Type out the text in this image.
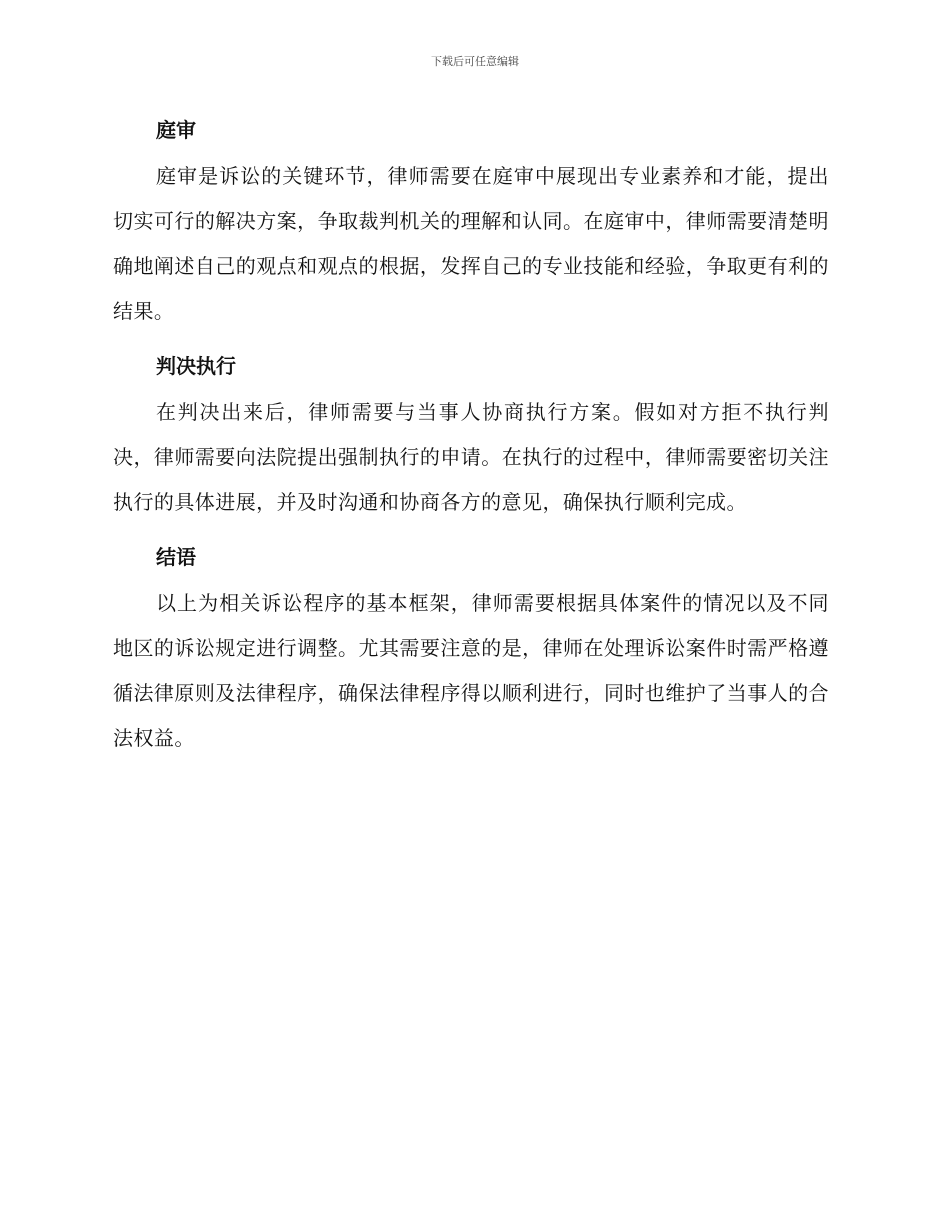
下载后可任意编辑
庭审

庭审是诉讼的关键环节，律师需要在庭审中展现出专业素养和才能，提出切实可行的解决方案，争取裁判机关的理解和认同。在庭审中，律师需要清楚明确地阐述自己的观点和观点的根据，发挥自己的专业技能和经验，争取更有利的结果。

判决执行

在判决出来后，律师需要与当事人协商执行方案。假如对方拒不执行判决，律师需要向法院提出强制执行的申请。在执行的过程中，律师需要密切关注执行的具体进展，并及时沟通和协商各方的意见，确保执行顺利完成。

结语

以上为相关诉讼程序的基本框架，律师需要根据具体案件的情况以及不同地区的诉讼规定进行调整。尤其需要注意的是，律师在处理诉讼案件时需严格遵循法律原则及法律程序，确保法律程序得以顺利进行，同时也维护了当事人的合法权益。
